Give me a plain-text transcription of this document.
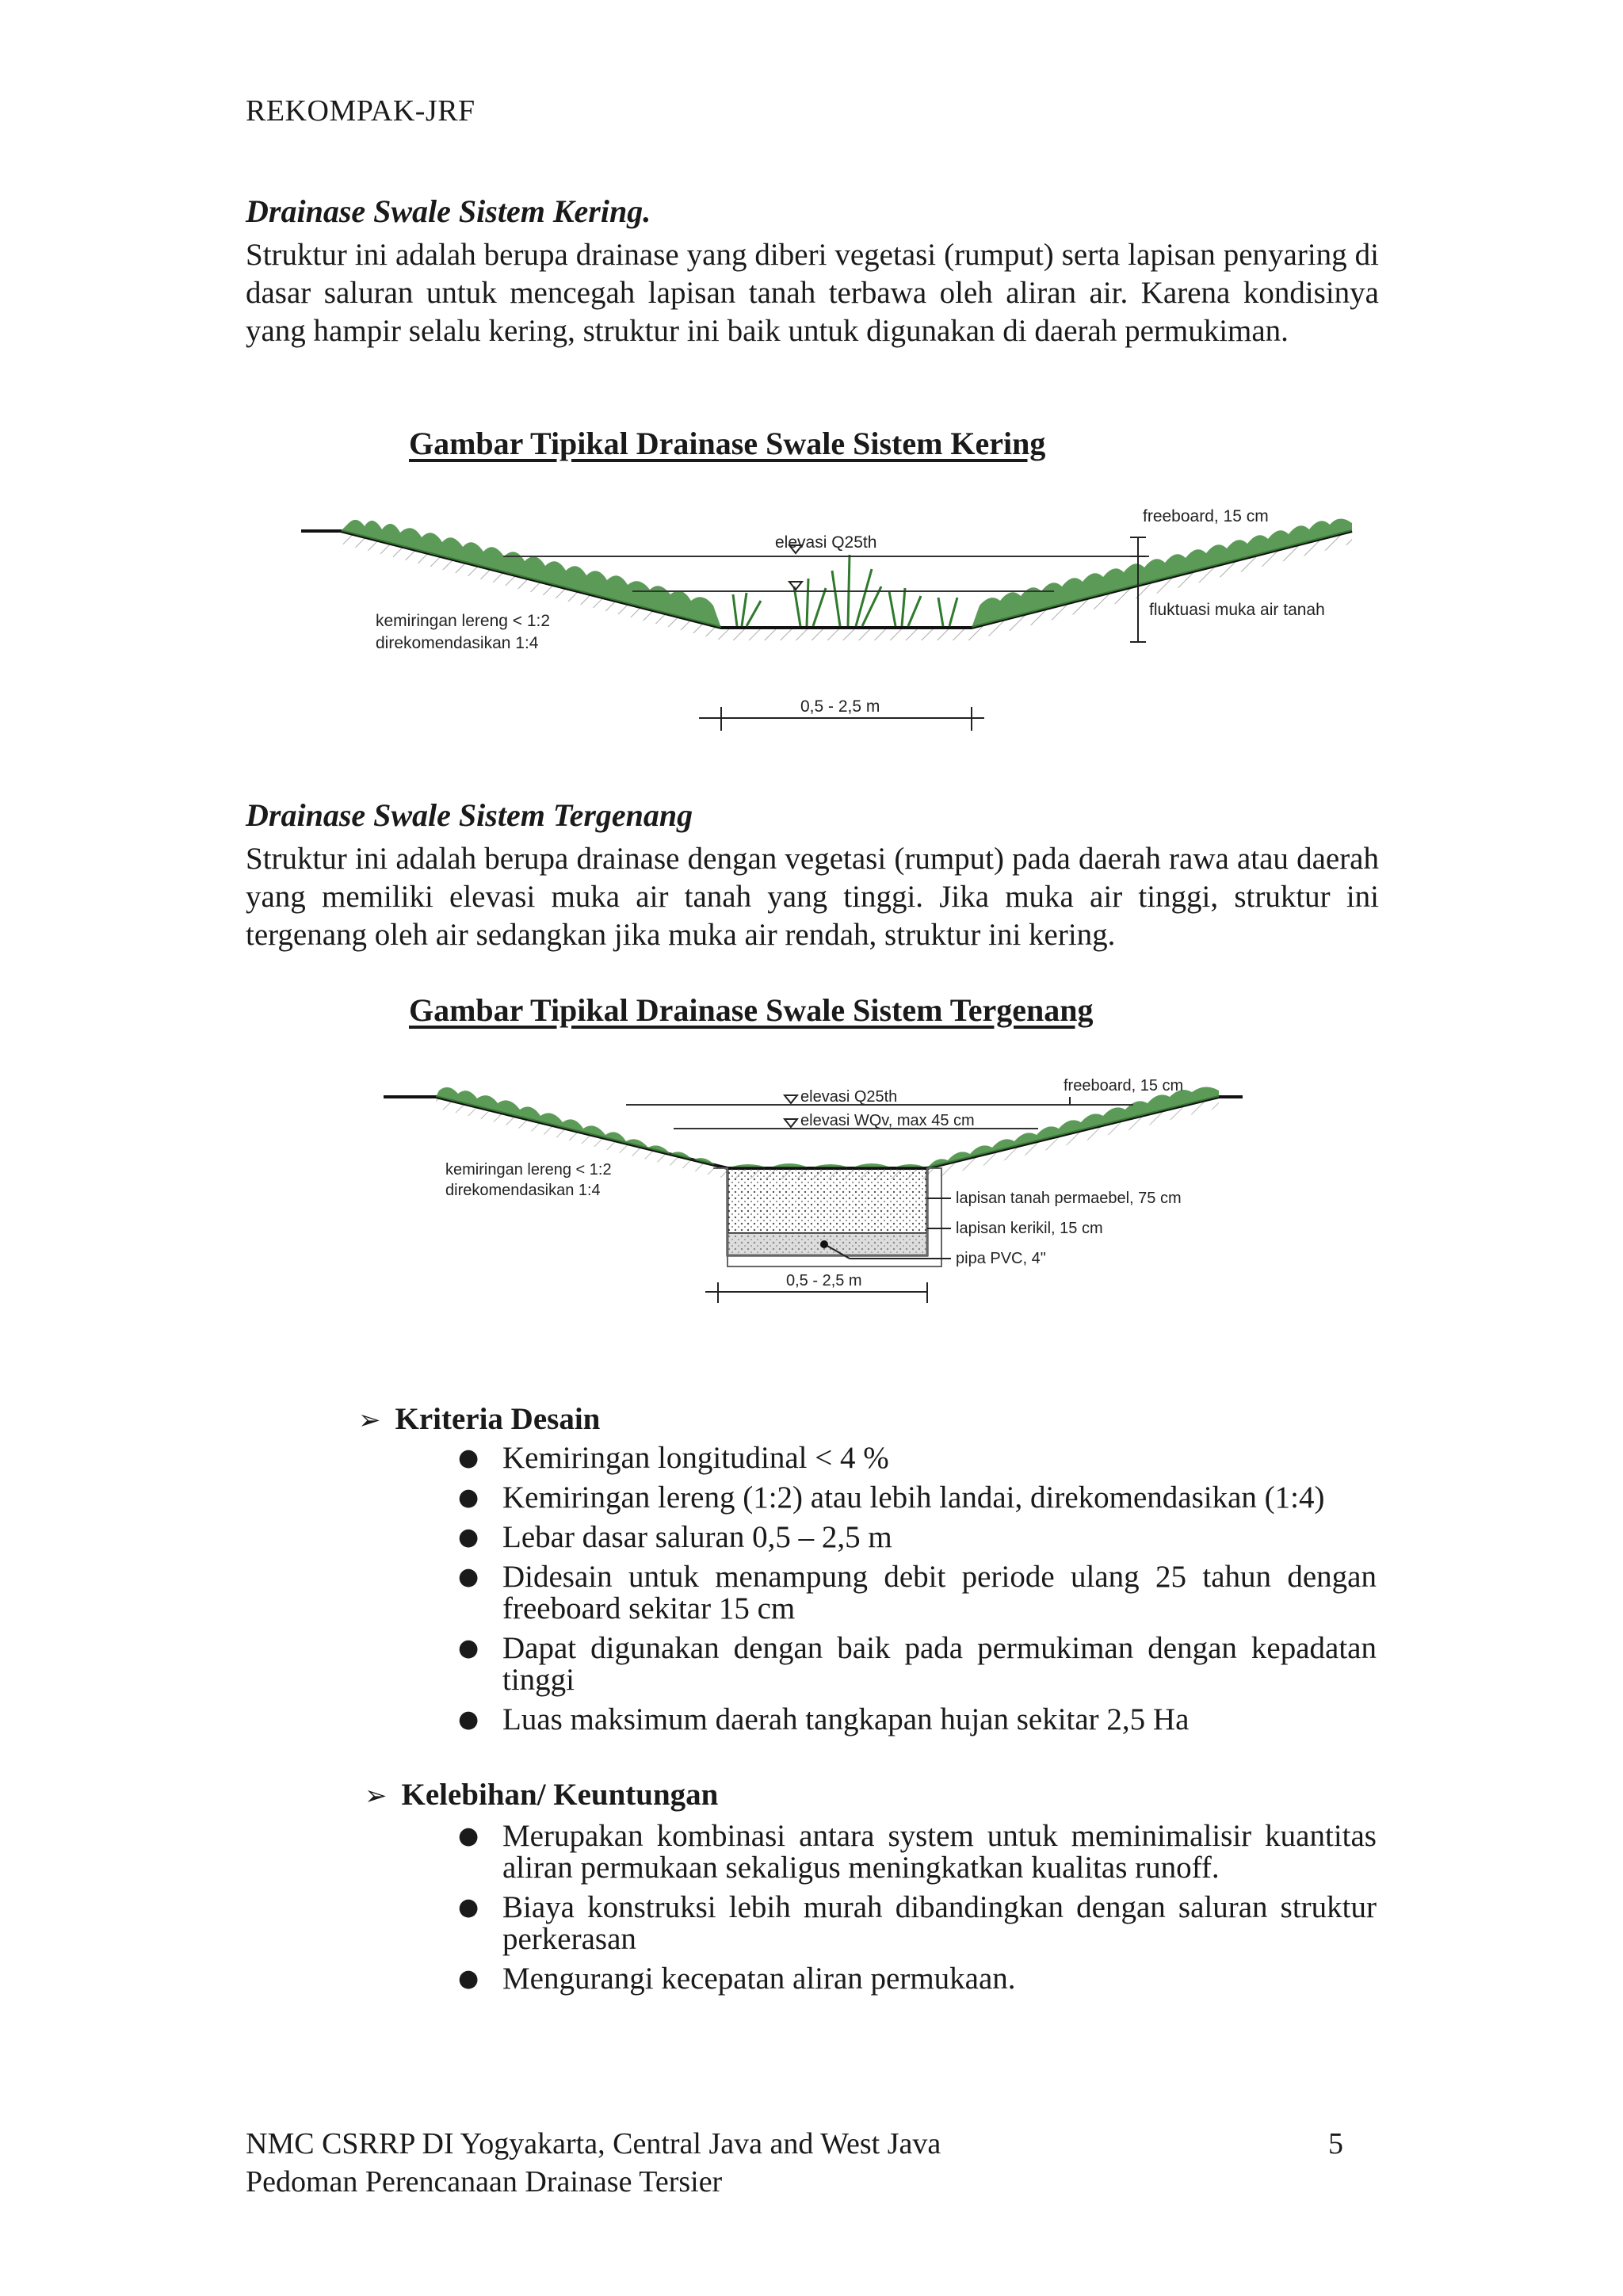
REKOMPAK-JRF
Drainase Swale Sistem Kering.
Struktur ini adalah berupa drainase yang diberi vegetasi (rumput) serta lapisan penyaring di dasar saluran untuk mencegah lapisan tanah terbawa oleh aliran air. Karena kondisinya yang hampir selalu kering, struktur ini baik untuk digunakan di daerah permukiman.
Gambar Tipikal Drainase Swale Sistem Kering
elevasi Q25th
freeboard, 15 cm
fluktuasi muka air tanah
kemiringan lereng < 1:2
direkomendasikan 1:4
0,5 - 2,5 m
Drainase Swale Sistem Tergenang
Struktur ini adalah berupa drainase dengan vegetasi (rumput) pada daerah rawa atau daerah yang memiliki elevasi muka air tanah yang tinggi. Jika muka air tinggi, struktur ini tergenang oleh air sedangkan jika muka air rendah, struktur ini kering.
Gambar Tipikal Drainase Swale Sistem Tergenang
elevasi Q25th
elevasi WQv, max 45 cm
freeboard, 15 cm
kemiringan lereng < 1:2
direkomendasikan 1:4	lapisan tanah permaebel, 75 cm
lapisan kerikil, 15 cm
pipa PVC, 4"
0,5 - 2,5 m
➢ Kriteria Desain
● Kemiringan longitudinal < 4 %
● Kemiringan lereng (1:2) atau lebih landai, direkomendasikan (1:4)
● Lebar dasar saluran 0,5 – 2,5 m
● Didesain untuk menampung debit periode ulang 25 tahun dengan freeboard sekitar 15 cm
● Dapat digunakan dengan baik pada permukiman dengan kepadatan tinggi
● Luas maksimum daerah tangkapan hujan sekitar 2,5 Ha
➢ Kelebihan/ Keuntungan
● Merupakan kombinasi antara system untuk meminimalisir kuantitas aliran permukaan sekaligus meningkatkan kualitas runoff.
● Biaya konstruksi lebih murah dibandingkan dengan saluran struktur perkerasan
● Mengurangi kecepatan aliran permukaan.
NMC CSRRP DI Yogyakarta, Central Java and West Java
Pedoman Perencanaan Drainase Tersier
5
